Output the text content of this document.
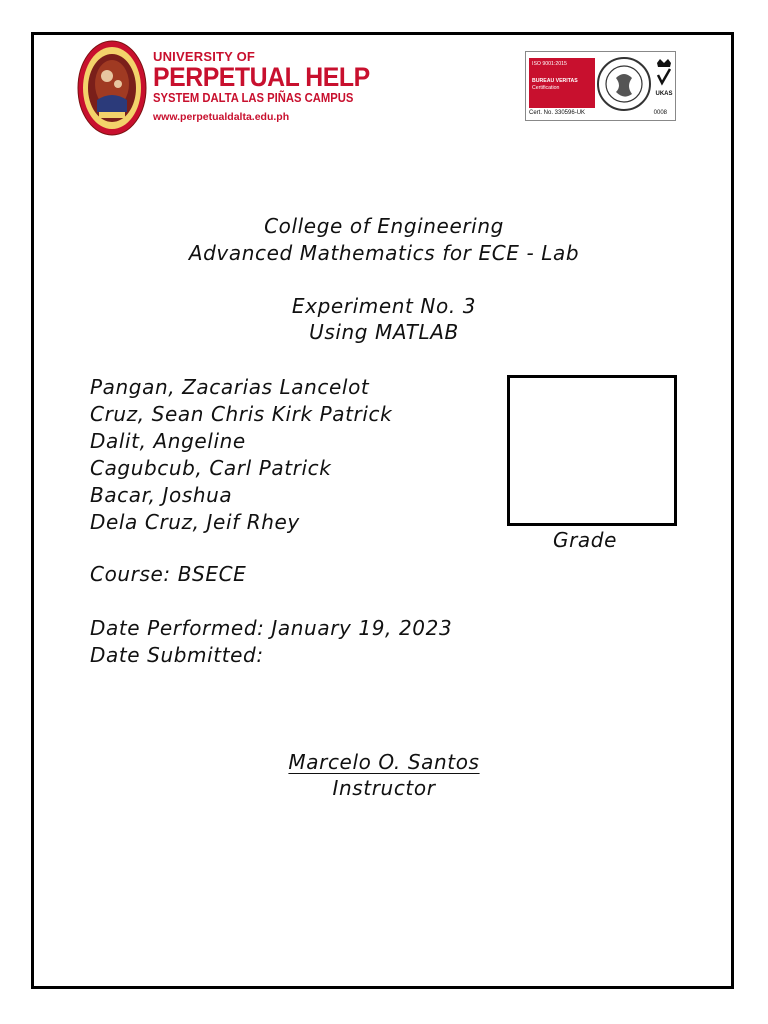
UNIVERSITY OF
PERPETUAL HELP
SYSTEM DALTA LAS PIÑAS CAMPUS
www.perpetualdalta.edu.ph
ISO 9001:2015
BUREAU VERITAS
Certification
UKAS
Cert. No. 330596-UK	0008
College of Engineering
Advanced Mathematics for ECE - Lab
Experiment No. 3
Using MATLAB
Pangan, Zacarias Lancelot
Cruz, Sean Chris Kirk Patrick
Dalit, Angeline
Cagubcub, Carl Patrick
Bacar, Joshua
Dela Cruz, Jeif Rhey
Grade
Course: BSECE
Date Performed: January 19, 2023
Date Submitted:
Marcelo O. Santos
Instructor
